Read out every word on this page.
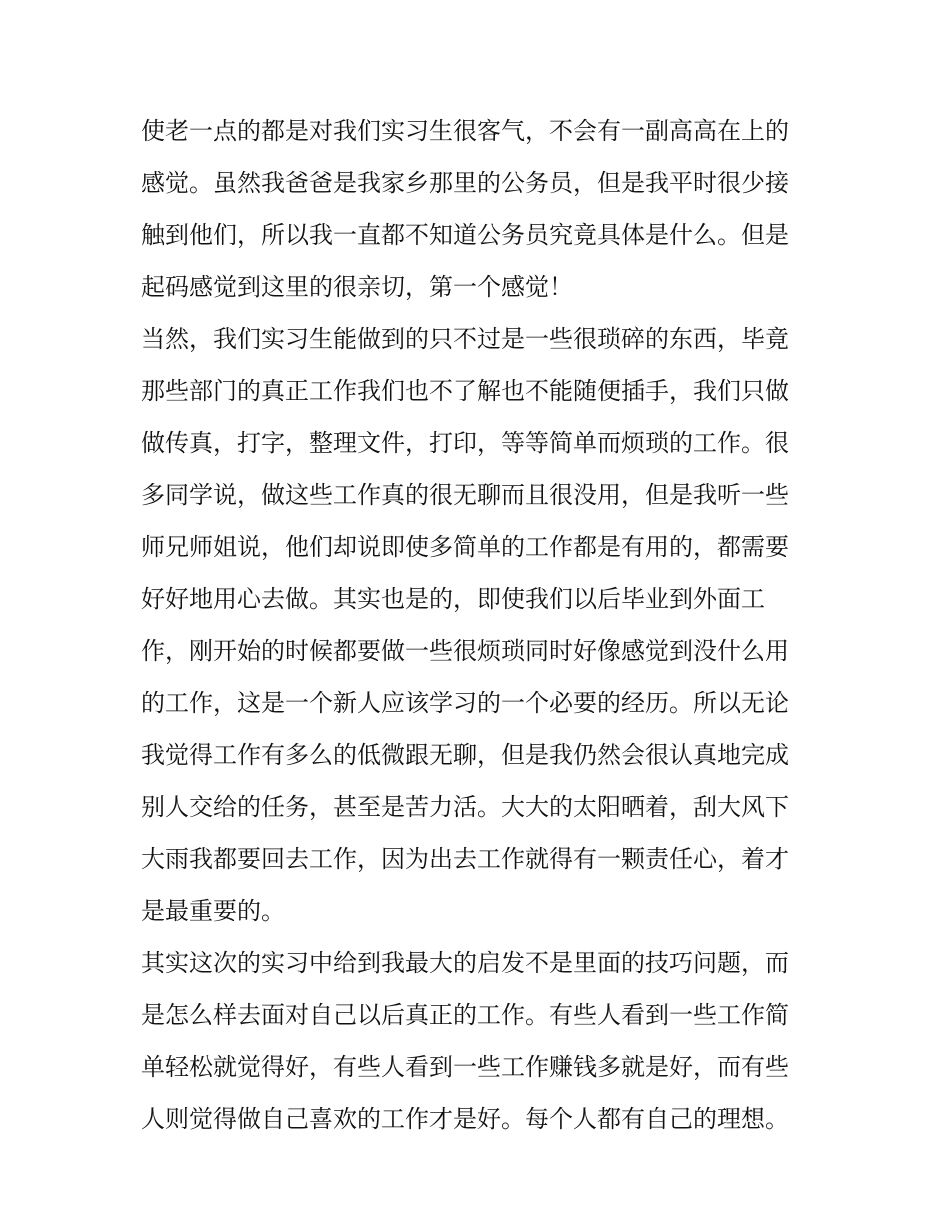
使老一点的都是对我们实习生很客气，不会有一副高高在上的
感觉。虽然我爸爸是我家乡那里的公务员，但是我平时很少接
触到他们，所以我一直都不知道公务员究竟具体是什么。但是
起码感觉到这里的很亲切，第一个感觉！
当然，我们实习生能做到的只不过是一些很琐碎的东西，毕竟
那些部门的真正工作我们也不了解也不能随便插手，我们只做
做传真，打字，整理文件，打印，等等简单而烦琐的工作。很
多同学说，做这些工作真的很无聊而且很没用，但是我听一些
师兄师姐说，他们却说即使多简单的工作都是有用的，都需要
好好地用心去做。其实也是的，即使我们以后毕业到外面工
作，刚开始的时候都要做一些很烦琐同时好像感觉到没什么用
的工作，这是一个新人应该学习的一个必要的经历。所以无论
我觉得工作有多么的低微跟无聊，但是我仍然会很认真地完成
别人交给的任务，甚至是苦力活。大大的太阳晒着，刮大风下
大雨我都要回去工作，因为出去工作就得有一颗责任心，着才
是最重要的。
其实这次的实习中给到我最大的启发不是里面的技巧问题，而
是怎么样去面对自己以后真正的工作。有些人看到一些工作简
单轻松就觉得好，有些人看到一些工作赚钱多就是好，而有些
人则觉得做自己喜欢的工作才是好。每个人都有自己的理想。
